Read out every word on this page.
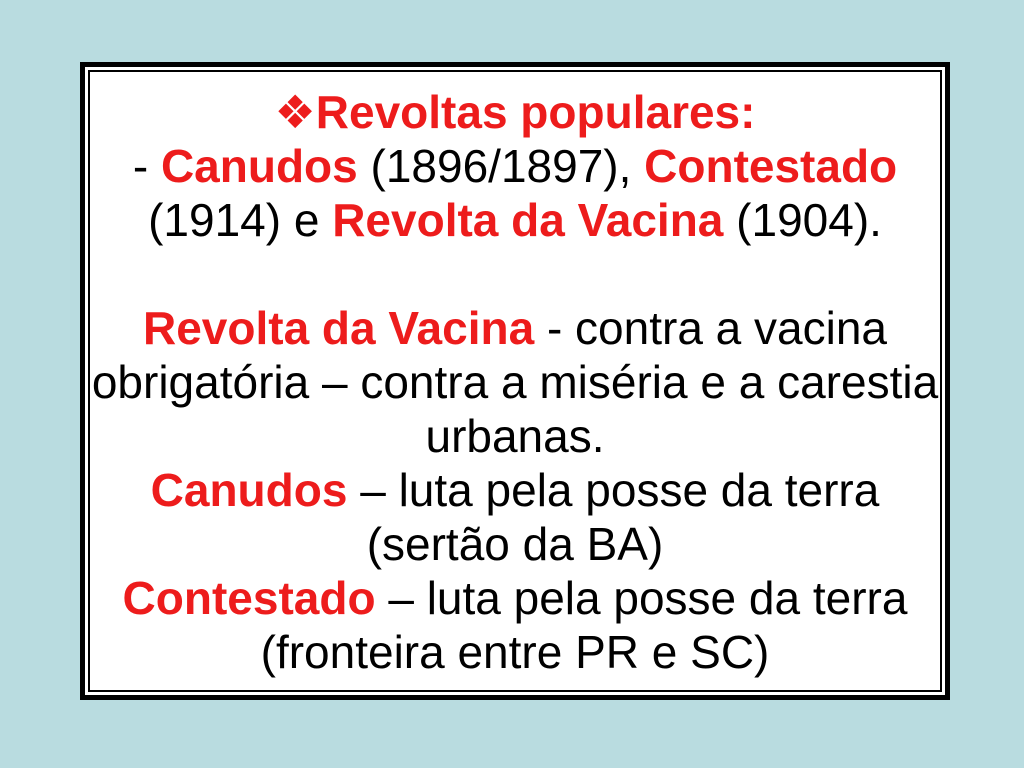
❖Revoltas populares:
- Canudos (1896/1897), Contestado
(1914) e Revolta da Vacina (1904).

Revolta da Vacina - contra a vacina
obrigatória – contra a miséria e a carestia
urbanas.
Canudos – luta pela posse da terra
(sertão da BA)
Contestado – luta pela posse da terra
(fronteira entre PR e SC)
